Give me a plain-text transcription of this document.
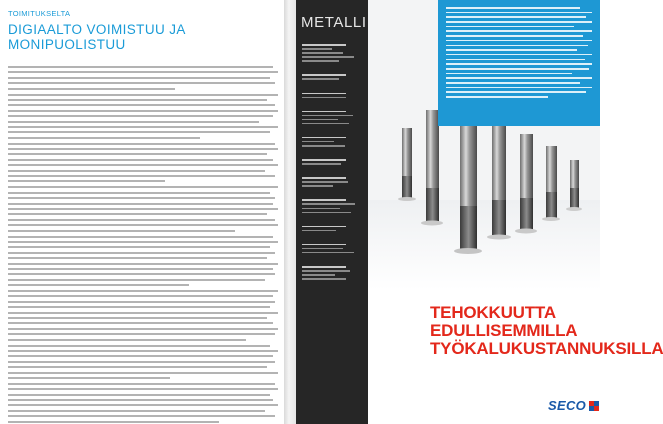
TOIMITUKSELTA
DIGIAALTO VOIMISTUU JA
MONIPUOLISTUU
METALLI
TEHOKKUUTTA
EDULLISEMMILLA
TYÖKALUKUSTANNUKSILLA
SECO
